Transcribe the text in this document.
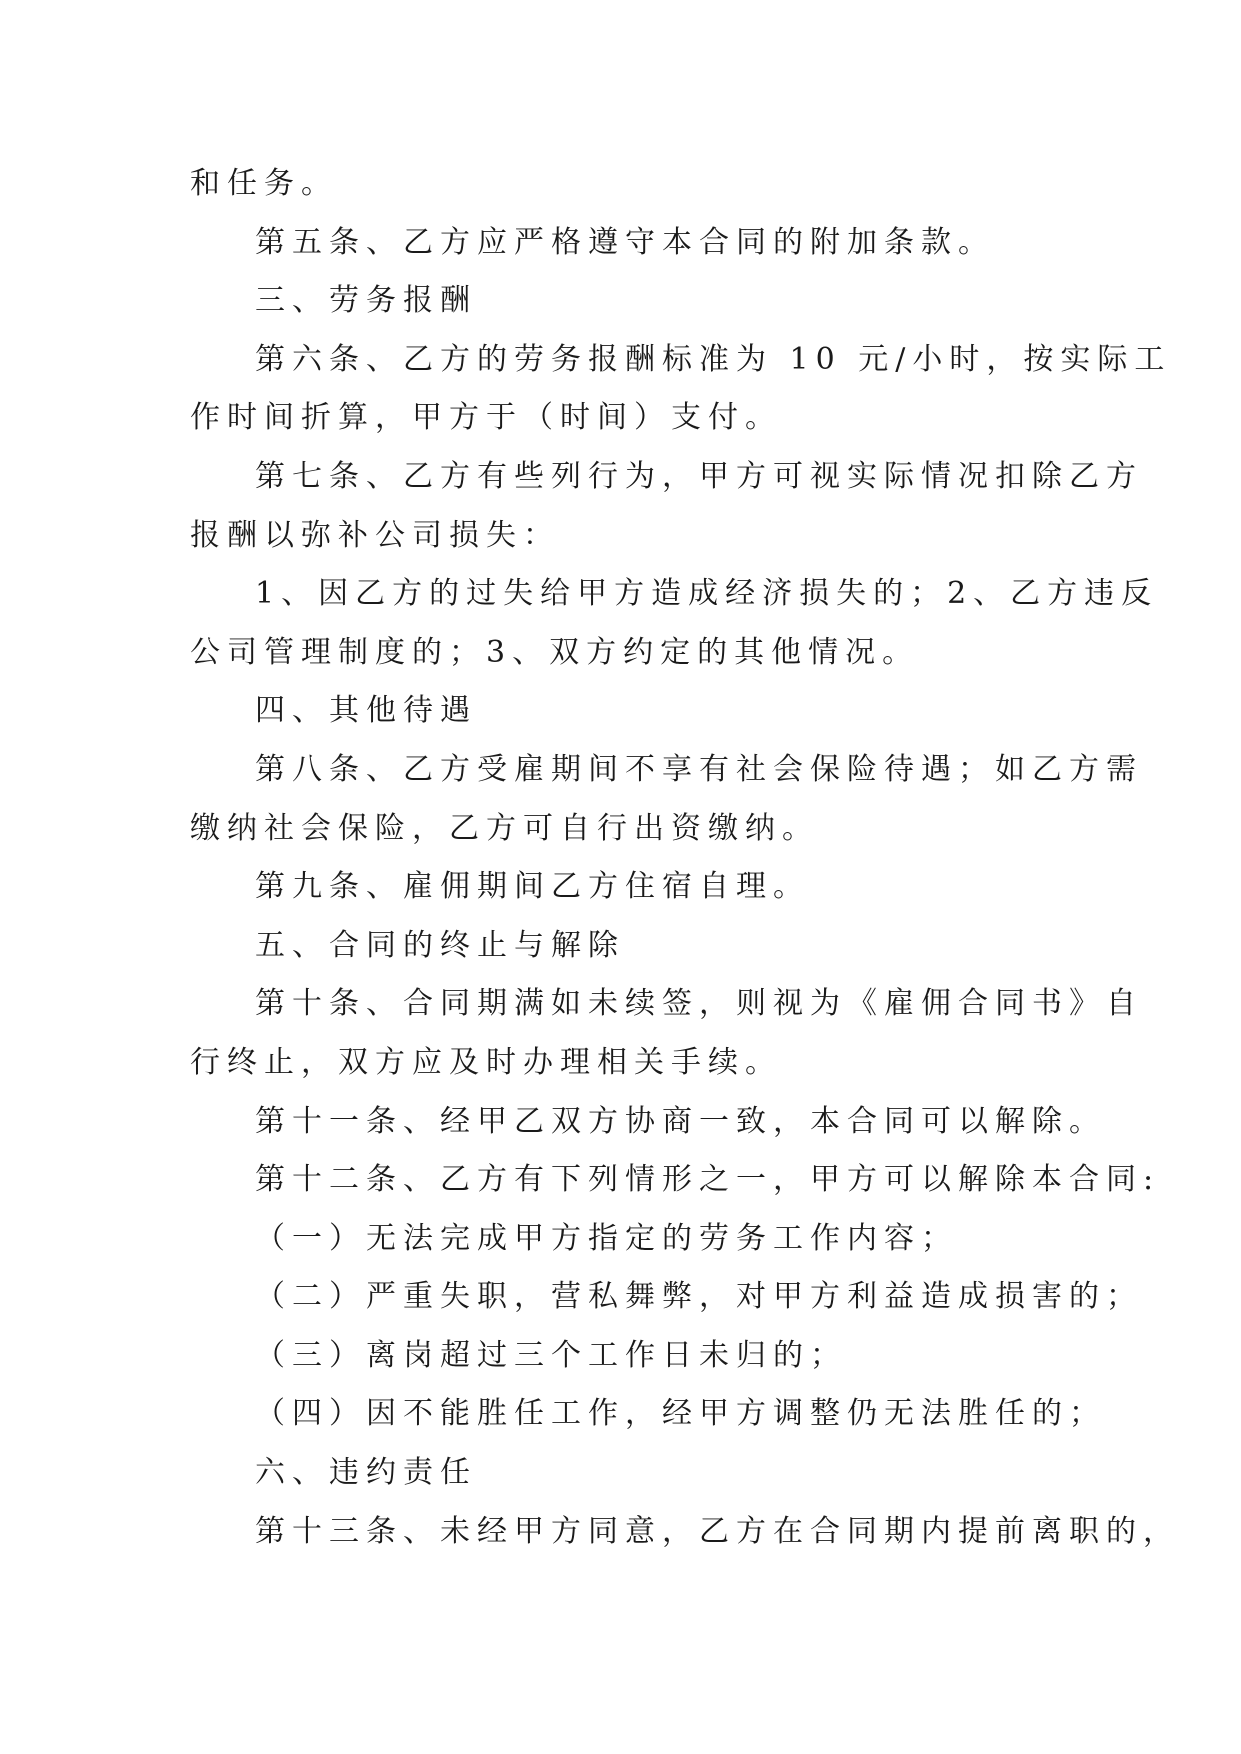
和任务。
第五条、乙方应严格遵守本合同的附加条款。
三、劳务报酬
第六条、乙方的劳务报酬标准为 10 元/小时，按实际工
作时间折算，甲方于（时间）支付。
第七条、乙方有些列行为，甲方可视实际情况扣除乙方
报酬以弥补公司损失：
1、因乙方的过失给甲方造成经济损失的；2、乙方违反
公司管理制度的；3、双方约定的其他情况。
四、其他待遇
第八条、乙方受雇期间不享有社会保险待遇；如乙方需
缴纳社会保险，乙方可自行出资缴纳。
第九条、雇佣期间乙方住宿自理。
五、合同的终止与解除
第十条、合同期满如未续签，则视为《雇佣合同书》自
行终止，双方应及时办理相关手续。
第十一条、经甲乙双方协商一致，本合同可以解除。
第十二条、乙方有下列情形之一，甲方可以解除本合同:
（一）无法完成甲方指定的劳务工作内容；
（二）严重失职，营私舞弊，对甲方利益造成损害的；
（三）离岗超过三个工作日未归的；
（四）因不能胜任工作，经甲方调整仍无法胜任的；
六、违约责任
第十三条、未经甲方同意，乙方在合同期内提前离职的，
